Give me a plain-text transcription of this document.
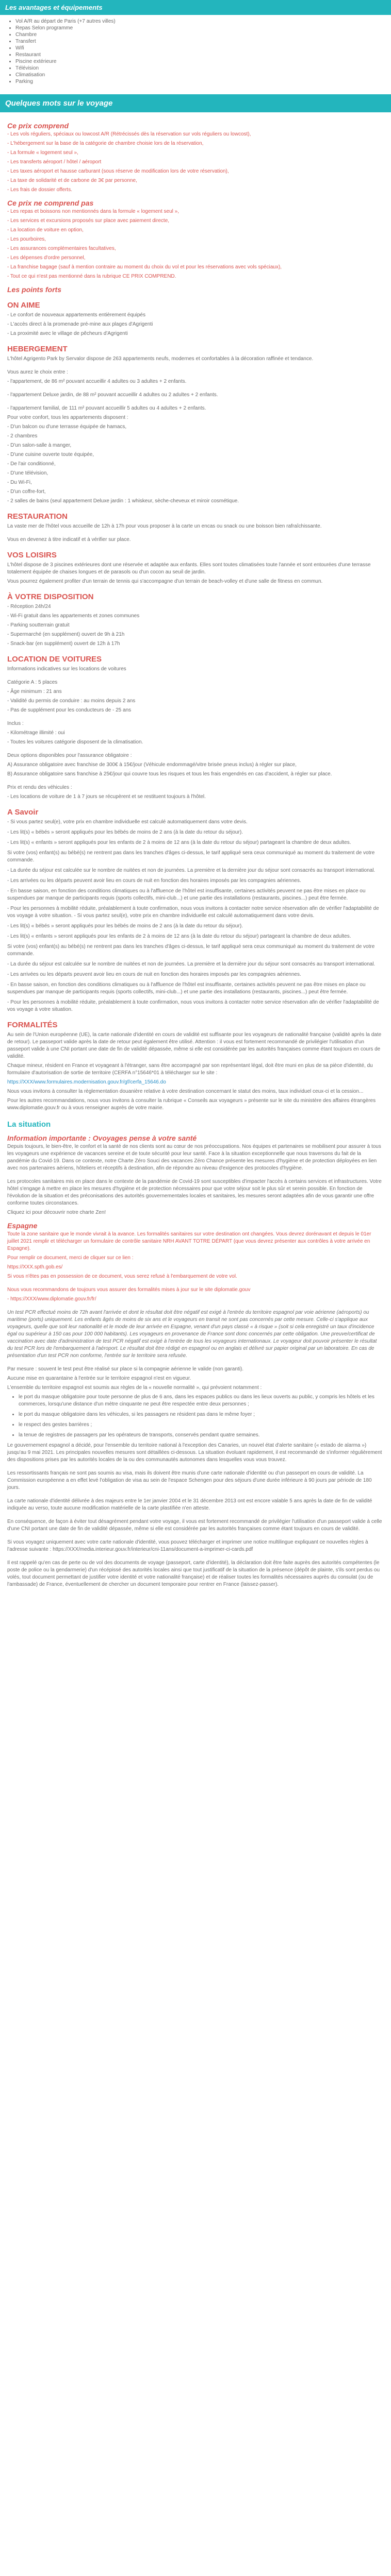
Les avantages et équipements
• Vol A/R au départ de Paris (+7 autres villes)
• Repas Selon programme
• Chambre
• Transfert
• Wifi
• Restaurant
• Piscine extérieure
• Télévision
• Climatisation
• Parking
Quelques mots sur le voyage
Ce prix comprend
- Les vols réguliers, spéciaux ou lowcost A/R (Rétrécissés dès la réservation sur vols réguliers ou lowcost),
- L'hébergement sur la base de la catégorie de chambre choisie lors de la réservation,
- La formule « logement seul »,
- Les transferts aéroport / hôtel / aéroport
- Les taxes aéroport et hausse carburant (sous réserve de modification lors de votre réservation),
- La taxe de solidarité et de carbone de 3€ par personne,
- Les frais de dossier offerts.
Ce prix ne comprend pas
- Les repas et boissons non mentionnés dans la formule « logement seul »,
- Les services et excursions proposés sur place avec paiement directe,
- La location de voiture en option,
- Les pourboires,
- Les assurances complémentaires facultatives,
- Les dépenses d'ordre personnel,
- La franchise bagage (sauf à mention contraire au moment du choix du vol et pour les réservations avec vols spéciaux),
- Tout ce qui n'est pas mentionné dans la rubrique CE PRIX COMPREND.
Les points forts
ON AIME
- Le confort de nouveaux appartements entièrement équipés
- L'accès direct à la promenade pré-mine aux plages d'Agrigenti
- La proximité avec le village de pêcheurs d'Agrigenti
HEBERGEMENT

L'hôtel Agrigento Park by Servalor dispose de 263 appartements neufs, modernes et confortables à la décoration raffinée et tendance.

Vous aurez le choix entre :
- l'appartement, de 86 m² pouvant accueillir 4 adultes ou 3 adultes + 2 enfants.
- l'appartement Deluxe jardin, de 88 m² pouvant accueillir 4 adultes ou 2 adultes + 2 enfants.
- l'appartement familial, de 111 m² pouvant accueillir 5 adultes ou 4 adultes + 2 enfants.
Pour votre confort, tous les appartements disposent :
- D'un balcon ou d'une terrasse équipée de hamacs,
- 2 chambres
- D'un salon-salle à manger,
- D'une cuisine ouverte toute équipée,
- De l'air conditionné,
- D'une télévision,
- Du Wi-Fi,
- D'un coffre-fort,
- 2 salles de bains (seul appartement Deluxe jardin : 1 whiskeur, sèche-cheveux et miroir cosmétique.
RESTAURATION

La vaste mer de l'hôtel vous accueille de 12h à 17h pour vous proposer à la carte un encas ou snack ou une boisson bien rafraîchissante.

Vous en devenez à titre indicatif et à vérifier sur place.

VOS LOISIRS

L'hôtel dispose de 3 piscines extérieures dont une réservée et adaptée aux enfants. Elles sont toutes climatisées toute l'année et sont entourées d'une terrasse totalement équipée de chaises longues et de parasols ou d'un cocon au seuil de jardin.

Vous pourrez également profiter d'un terrain de tennis qui s'accompagne d'un terrain de beach-volley et d'une salle de fitness en commun.

À VOTRE DISPOSITION
- Réception 24h/24
- Wi-Fi gratuit dans les appartements et zones communes
- Parking soutterrain gratuit
- Supermarché (en supplément) ouvert de 9h à 21h
- Snack-bar (en supplément) ouvert de 12h à 17h
LOCATION DE VOITURES
Informations indicatives sur les locations de voitures
Catégorie A : 5 places
- Âge minimum : 21 ans
- Validité du permis de conduire : au moins depuis 2 ans
- Pas de supplément pour les conducteurs de - 25 ans
Inclus :
- Kilométrage illimité : oui
- Toutes les voitures catégorie disposent de la climatisation.
Deux options disponibles pour l'assurance obligatoire :
A) Assurance obligatoire avec franchise de 300€ à 15€/jour (Véhicule endommagé/vitre brisée pneus inclus) à régler sur place,
B) Assurance obligatoire sans franchise à 25€/jour qui couvre tous les risques et tous les frais engendrés en cas d'accident, à régler sur place.
Prix et rendu des véhicules :
- Les locations de voiture de 1 à 7 jours se récupèrent et se restituent toujours à l'hôtel.
A Savoir
- Si vous partez seul(e), votre prix en chambre individuelle est calculé automatiquement dans votre devis.
- Les lit(s) « bébés » seront appliqués pour les bébés de moins de 2 ans (à la date du retour du séjour).
- Les lit(s) « enfants » seront appliqués pour les enfants de 2 à moins de 12 ans (à la date du retour du séjour) partageant la chambre de deux adultes.
Si votre (vos) enfant(s) au bébé(s) ne rentrent pas dans les tranches d'âges ci-dessus, le tarif appliqué sera ceux communiqué au moment du traitement de votre commande.
- La durée du séjour est calculée sur le nombre de nuitées et non de journées. La première et la dernière jour du séjour sont consacrés au transport international.
- Les arrivées ou les départs peuvent avoir lieu en cours de nuit en fonction des horaires imposés par les compagnies aériennes.
- En basse saison, en fonction des conditions climatiques ou à l'affluence de l'hôtel est insuffisante, certaines activités peuvent ne pas être mises en place ou suspendues par manque de participants requis (sports collectifs, mini-club...) et une partie des installations (restaurants, piscines...) peut être fermée.
- Pour les personnes à mobilité réduite, préalablement à toute confirmation, nous vous invitons à contacter notre service réservation afin de vérifier l'adaptabilité de vos voyage à votre situation. - Si vous partez seul(e), votre prix en chambre individuelle est calculé automatiquement dans votre devis.
- Les lit(s) « bébés » seront appliqués pour les bébés de moins de 2 ans (à la date du retour du séjour).
- Les lit(s) « enfants » seront appliqués pour les enfants de 2 à moins de 12 ans (à la date du retour du séjour) partageant la chambre de deux adultes.
Si votre (vos) enfant(s) au bébé(s) ne rentrent pas dans les tranches d'âges ci-dessus, le tarif appliqué sera ceux communiqué au moment du traitement de votre commande.
- La durée du séjour est calculée sur le nombre de nuitées et non de journées. La première et la dernière jour du séjour sont consacrés au transport international.
- Les arrivées ou les départs peuvent avoir lieu en cours de nuit en fonction des horaires imposés par les compagnies aériennes.
- En basse saison, en fonction des conditions climatiques ou à l'affluence de l'hôtel est insuffisante, certaines activités peuvent ne pas être mises en place ou suspendues par manque de participants requis (sports collectifs, mini-club...) et une partie des installations (restaurants, piscines...) peut être fermée.
- Pour les personnes à mobilité réduite, préalablement à toute confirmation, nous vous invitons à contacter notre service réservation afin de vérifier l'adaptabilité de vos voyage à votre situation.
FORMALITÉS

Au sein de l'Union européenne (UE), la carte nationale d'identité en cours de validité est suffisante pour les voyageurs de nationalité française (validité après la date de retour). Le passeport valide après la date de retour peut également être utilisé. Attention : il vous est fortement recommandé de privilégier l'utilisation d'un passeport valide à une CNI portant une date de fin de validité dépassée, même si elle est considérée par les autorités françaises comme étant toujours en cours de validité.

Chaque mineur, résident en France et voyageant à l'étranger, sans être accompagné par son représentant légal, doit être muni en plus de sa pièce d'identité, du formulaire d'autorisation de sortie de territoire (CERFA n°15646*01 à télécharger sur le site :

https://XXX/www.formulaires.modernisation.gouv.fr/gf/cerfa_15646.do

Nous vous invitons à consulter la règlementation douanière relative à votre destination concernant le statut des moins, taux individuel ceux-ci et la cession...

Pour les autres recommandations, nous vous invitons à consulter la rubrique « Conseils aux voyageurs » présente sur le site du ministère des affaires étrangères www.diplomatie.gouv.fr ou à vous renseigner auprès de votre mairie.

La situation
Information importante : Ovoyages pense à votre santé

Depuis toujours, le bien-être, le confort et la santé de nos clients sont au cœur de nos préoccupations. Nos équipes et partenaires se mobilisent pour assurer à tous les voyageurs une expérience de vacances sereine et de toute sécurité pour leur santé. Face à la situation exceptionnelle que nous traversons du fait de la pandémie du Covid-19. Dans ce contexte, notre Charte Zéro Souci des vacances Zéro Chance présente les mesures d'hygiène et de protection déployées en lien avec nos partenaires aériens, hôteliers et réceptifs à destination, afin de répondre au niveau d'exigence des protocoles d'hygiène.

Les protocoles sanitaires mis en place dans le contexte de la pandémie de Covid-19 sont susceptibles d'impacter l'accès à certains services et infrastructures. Votre hôtel s'engage à mettre en place les mesures d'hygiène et de protection nécessaires pour que votre séjour soit le plus sûr et serein possible. En fonction de l'évolution de la situation et des préconisations des autorités gouvernementales locales et sanitaires, les mesures seront adaptées afin de vous garantir une offre conforme toutes circonstances.

Cliquez ici pour découvrir notre charte Zen!

Espagne

Toute la zone sanitaire que le monde vivrait à la avance. Les formalités sanitaires sur votre destination ont changées. Vous devrez dorénavant et depuis le 01er juillet 2021 remplir et télécharger un formulaire de contrôle sanitaire NRH AVANT TOTRE DÉPART (que vous devrez présenter aux contrôles à votre arrivée en Espagne).

Pour remplir ce document, merci de cliquer sur ce lien :

https://XXX.spth.gob.es/

Si vous n'êtes pas en possession de ce document, vous serez refusé à l'embarquement de votre vol.

Nous vous recommandons de toujours vous assurer des formalités mises à jour sur le site diplomatie.gouv

- https://XXX/www.diplomatie.gouv.fr/fr/

Un test PCR effectué moins de 72h avant l'arrivée et dont le résultat doit être négatif est exigé à l'entrée du territoire espagnol par voie aérienne (aéroports) ou maritime (ports) uniquement. Les enfants âgés de moins de six ans et le voyageurs en transit ne sont pas concernés par cette mesure. Celle-ci s'applique aux voyageurs, quelle que soit leur nationalité et le mode de leur arrivée en Espagne, venant d'un pays classé « à risque » (soit si cela enregistré un taux d'incidence égal ou supérieur à 150 cas pour 100 000 habitants). Les voyageurs en provenance de France sont donc concernés par cette obligation. Une preuve/certificat de vaccination avec date d'administration de test PCR négatif est exigé à l'entrée de tous les voyageurs internationaux. Le voyageur doit pouvoir présenter le résultat du test PCR lors de l'embarquement à l'aéroport. Le résultat doit être rédigé en espagnol ou en anglais et délivré sur papier original par un laboratoire. En cas de présentation d'un test PCR non conforme, l'entrée sur le territoire sera refusée.

Par mesure : souvent le test peut être réalisé sur place si la compagnie aérienne le valide (non garanti).

Aucune mise en quarantaine à l'entrée sur le territoire espagnol n'est en vigueur.

L'ensemble du territoire espagnol est soumis aux règles de la « nouvelle normalité », qui prévoient notamment :

• le port du masque obligatoire pour toute personne de plus de 6 ans, dans les espaces publics ou dans les lieux ouverts au public, y compris les hôtels et les commerces, lorsqu'une distance d'un mètre cinquante ne peut être respectée entre deux personnes ;
• le port du masque obligatoire dans les véhicules, si les passagers ne résident pas dans le même foyer ;
• le respect des gestes barrières ;
• la tenue de registres de passagers par les opérateurs de transports, conservés pendant quatre semaines.

Le gouvernement espagnol a décidé, pour l'ensemble du territoire national à l'exception des Canaries, un nouvel état d'alerte sanitaire (« estado de alarma ») jusqu'au 9 mai 2021. Les principales nouvelles mesures sont détaillées ci-dessous. La situation évoluant rapidement, il est recommandé de s'informer régulièrement des dispositions prises par les autorités locales de la ou des communautés autonomes dans lesquelles vous vous trouvez.

Les ressortissants français ne sont pas soumis au visa, mais ils doivent être munis d'une carte nationale d'identité ou d'un passeport en cours de validité. La Commission européenne a en effet levé l'obligation de visa au sein de l'espace Schengen pour des séjours d'une durée inférieure à 90 jours par période de 180 jours.

La carte nationale d'identité délivrée à des majeurs entre le 1er janvier 2004 et le 31 décembre 2013 ont est encore valable 5 ans après la date de fin de validité indiquée au verso, toute aucune modification matérielle de la carte plastifiée n'en atteste.

En conséquence, de façon à éviter tout désagrément pendant votre voyage, il vous est fortement recommandé de privilégier l'utilisation d'un passeport valide à celle d'une CNI portant une date de fin de validité dépassée, même si elle est considérée par les autorités françaises comme étant toujours en cours de validité.

Si vous voyagez uniquement avec votre carte nationale d'identité, vous pouvez télécharger et imprimer une notice multilingue expliquant ce nouvelles règles à l'adresse suivante : https://XXX/media.interieur.gouv.fr/interieur/cni-11ans/document-a-imprimer-ci-cards.pdf

Il est rappelé qu'en cas de perte ou de vol des documents de voyage (passeport, carte d'identité), la déclaration doit être faite auprès des autorités compétentes (le poste de police ou la gendarmerie) d'un récépissé des autorités locales ainsi que tout justificatif de la situation de la présence (dépôt de plainte, s'ils sont perdus ou volés, tout document permettant de justifier votre identité et votre nationalité française) et de réaliser toutes les formalités nécessaires auprès du consulat (ou de l'ambassade) de France, éventuellement de chercher un document temporaire pour rentrer en France (laissez-passer).
